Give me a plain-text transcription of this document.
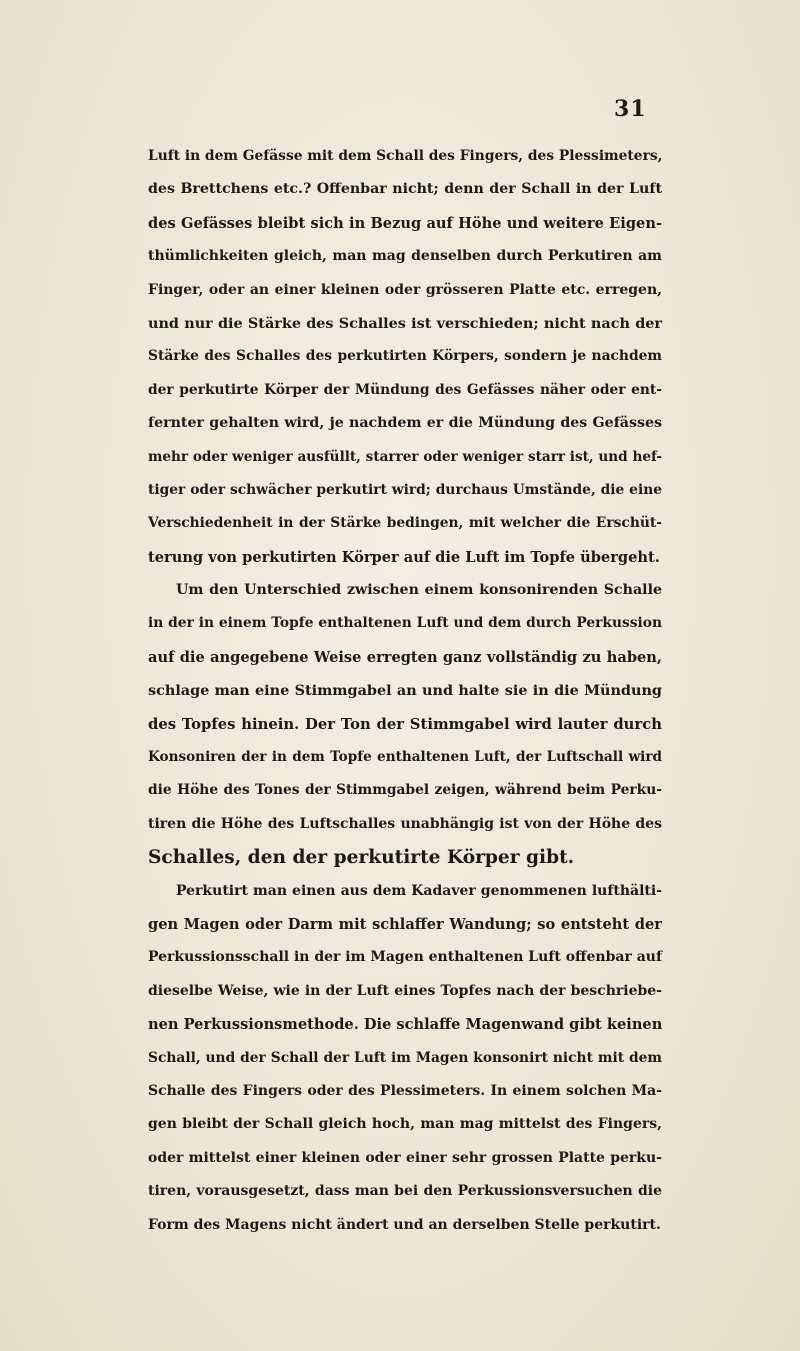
31
Luft in dem Gefässe mit dem Schall des Fingers, des Plessimeters,
des Brettchens etc.? Offenbar nicht; denn der Schall in der Luft
des Gefässes bleibt sich in Bezug auf Höhe und weitere Eigen-
thümlichkeiten gleich, man mag denselben durch Perkutiren am
Finger, oder an einer kleinen oder grösseren Platte etc. erregen,
und nur die Stärke des Schalles ist verschieden; nicht nach der
Stärke des Schalles des perkutirten Körpers, sondern je nachdem
der perkutirte Körper der Mündung des Gefässes näher oder ent-
fernter gehalten wird, je nachdem er die Mündung des Gefässes
mehr oder weniger ausfüllt, starrer oder weniger starr ist, und hef-
tiger oder schwächer perkutirt wird; durchaus Umstände, die eine
Verschiedenheit in der Stärke bedingen, mit welcher die Erschüt-
terung von perkutirten Körper auf die Luft im Topfe übergeht.
Um den Unterschied zwischen einem konsonirenden Schalle
in der in einem Topfe enthaltenen Luft und dem durch Perkussion
auf die angegebene Weise erregten ganz vollständig zu haben,
schlage man eine Stimmgabel an und halte sie in die Mündung
des Topfes hinein. Der Ton der Stimmgabel wird lauter durch
Konsoniren der in dem Topfe enthaltenen Luft, der Luftschall wird
die Höhe des Tones der Stimmgabel zeigen, während beim Perku-
tiren die Höhe des Luftschalles unabhängig ist von der Höhe des
Schalles, den der perkutirte Körper gibt.
Perkutirt man einen aus dem Kadaver genommenen lufthälti-
gen Magen oder Darm mit schlaffer Wandung; so entsteht der
Perkussionsschall in der im Magen enthaltenen Luft offenbar auf
dieselbe Weise, wie in der Luft eines Topfes nach der beschriebe-
nen Perkussionsmethode. Die schlaffe Magenwand gibt keinen
Schall, und der Schall der Luft im Magen konsonirt nicht mit dem
Schalle des Fingers oder des Plessimeters. In einem solchen Ma-
gen bleibt der Schall gleich hoch, man mag mittelst des Fingers,
oder mittelst einer kleinen oder einer sehr grossen Platte perku-
tiren, vorausgesetzt, dass man bei den Perkussionsversuchen die
Form des Magens nicht ändert und an derselben Stelle perkutirt.
